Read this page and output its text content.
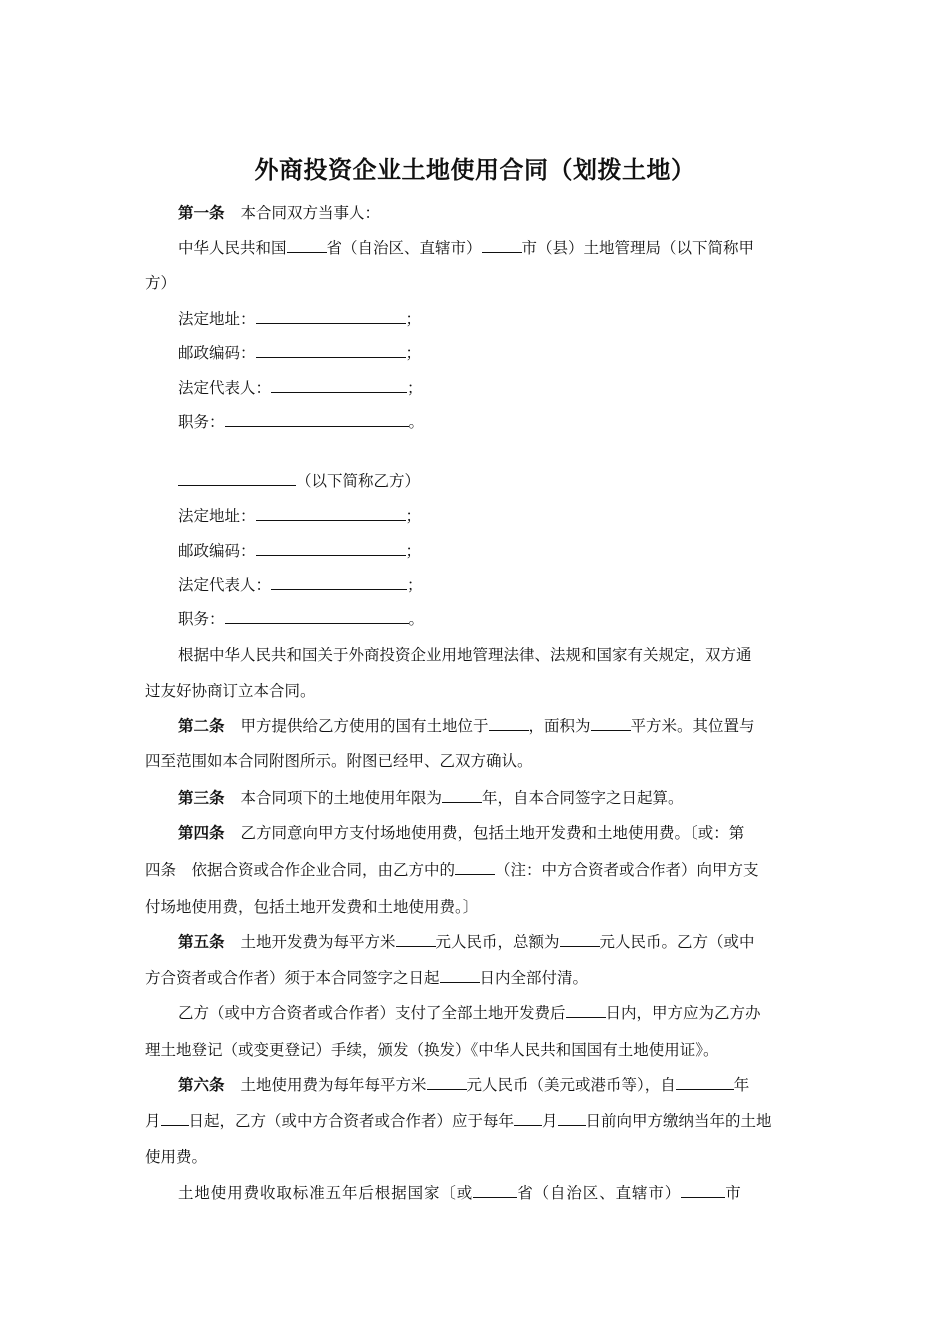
外商投资企业土地使用合同（划拨土地）
第一条 本合同双方当事人：
中华人民共和国	省（自治区、直辖市）	市（县）土地管理局（以下简称甲
方）
法定地址：	；
邮政编码：	；
法定代表人：	；
职务：	。
（以下简称乙方）
法定地址：	；
邮政编码：	；
法定代表人：	；
职务：	。
根据中华人民共和国关于外商投资企业用地管理法律、法规和国家有关规定，双方通
过友好协商订立本合同。
第二条 甲方提供给乙方使用的国有土地位于	，面积为	平方米。其位置与
四至范围如本合同附图所示。附图已经甲、乙双方确认。
第三条 本合同项下的土地使用年限为	年，自本合同签字之日起算。
第四条 乙方同意向甲方支付场地使用费，包括土地开发费和土地使用费。〔或：第
四条　依据合资或合作企业合同，由乙方中的	（注：中方合资者或合作者）向甲方支
付场地使用费，包括土地开发费和土地使用费。〕
第五条 土地开发费为每平方米	元人民币，总额为	元人民币。乙方（或中
方合资者或合作者）须于本合同签字之日起	日内全部付清。
乙方（或中方合资者或合作者）支付了全部土地开发费后	日内，甲方应为乙方办
理土地登记（或变更登记）手续，颁发（换发）《中华人民共和国国有土地使用证》。
第六条 土地使用费为每年每平方米	元人民币（美元或港币等），自	年
月 日起，乙方（或中方合资者或合作者）应于每年 月 日前向甲方缴纳当年的土地
使用费。
土地使用费收取标准五年后根据国家〔或	省（自治区、直辖市）	市
